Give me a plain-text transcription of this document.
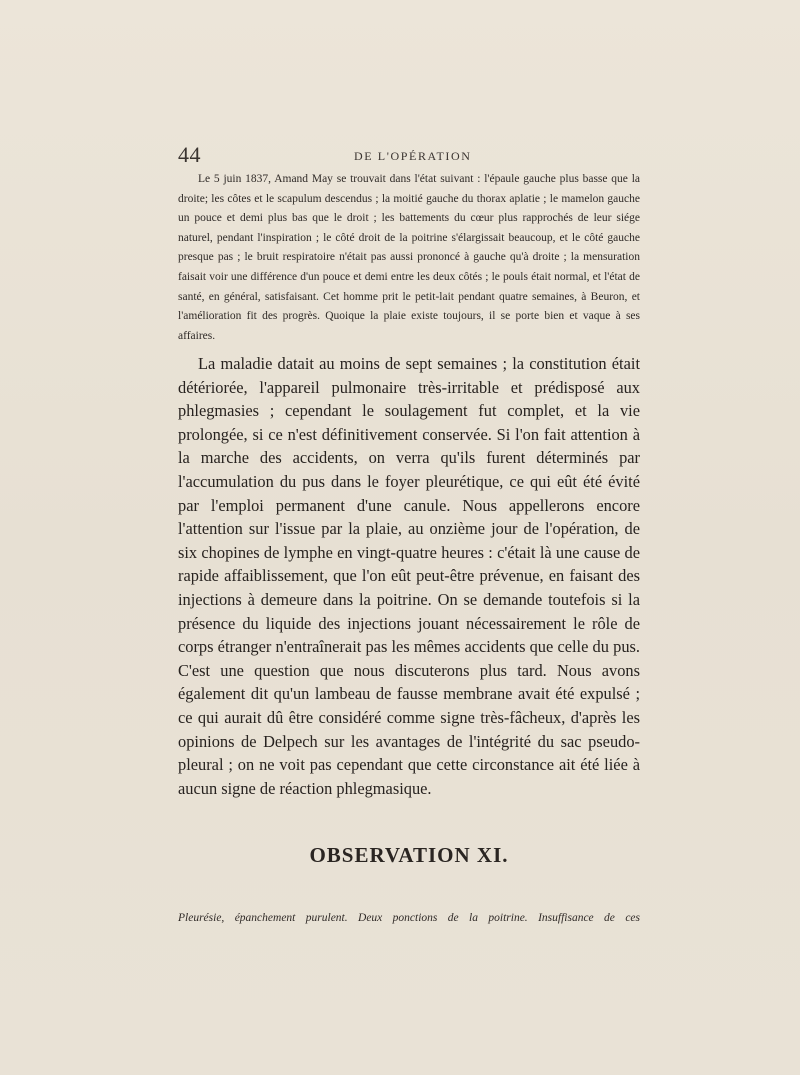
44	DE L'OPÉRATION

Le 5 juin 1837, Amand May se trouvait dans l'état suivant : l'épaule gauche plus basse que la droite; les côtes et le scapulum descendus ; la moitié gauche du thorax aplatie ; le mamelon gauche un pouce et demi plus bas que le droit ; les battements du cœur plus rapprochés de leur siége naturel, pendant l'inspiration ; le côté droit de la poitrine s'élargissait beaucoup, et le côté gauche presque pas ; le bruit respiratoire n'était pas aussi prononcé à gauche qu'à droite ; la mensuration faisait voir une différence d'un pouce et demi entre les deux côtés ; le pouls était normal, et l'état de santé, en général, satisfaisant. Cet homme prit le petit-lait pendant quatre semaines, à Beuron, et l'amélioration fit des progrès. Quoique la plaie existe toujours, il se porte bien et vaque à ses affaires.

La maladie datait au moins de sept semaines ; la constitution était détériorée, l'appareil pulmonaire très-irritable et prédisposé aux phlegmasies ; cependant le soulagement fut complet, et la vie prolongée, si ce n'est définitivement conservée. Si l'on fait attention à la marche des accidents, on verra qu'ils furent déterminés par l'accumulation du pus dans le foyer pleurétique, ce qui eût été évité par l'emploi permanent d'une canule. Nous appellerons encore l'attention sur l'issue par la plaie, au onzième jour de l'opération, de six chopines de lymphe en vingt-quatre heures : c'était là une cause de rapide affaiblissement, que l'on eût peut-être prévenue, en faisant des injections à demeure dans la poitrine. On se demande toutefois si la présence du liquide des injections jouant nécessairement le rôle de corps étranger n'entraînerait pas les mêmes accidents que celle du pus. C'est une question que nous discuterons plus tard. Nous avons également dit qu'un lambeau de fausse membrane avait été expulsé ; ce qui aurait dû être considéré comme signe très-fâcheux, d'après les opinions de Delpech sur les avantages de l'intégrité du sac pseudo-pleural ; on ne voit pas cependant que cette circonstance ait été liée à aucun signe de réaction phlegmasique.

OBSERVATION XI.

Pleurésie, épanchement purulent. Deux ponctions de la poitrine. Insuffisance de ces
